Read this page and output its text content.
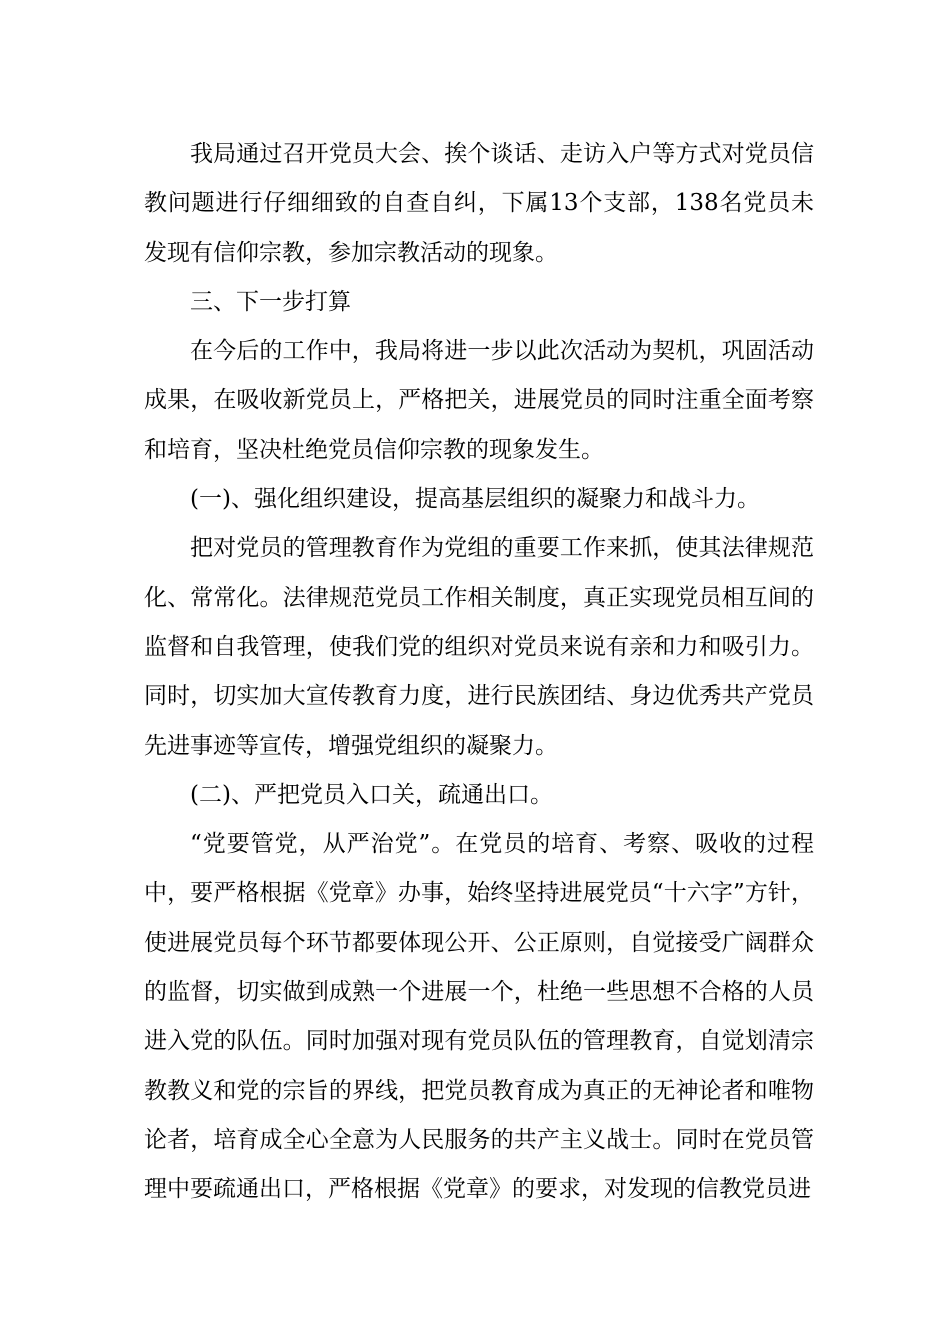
我局通过召开党员大会、挨个谈话、走访入户等方式对党员信教问题进行仔细细致的自查自纠，下属13个支部，138名党员未发现有信仰宗教，参加宗教活动的现象。

三、下一步打算

在今后的工作中，我局将进一步以此次活动为契机，巩固活动成果，在吸收新党员上，严格把关，进展党员的同时注重全面考察和培育，坚决杜绝党员信仰宗教的现象发生。

(一)、强化组织建设，提高基层组织的凝聚力和战斗力。

把对党员的管理教育作为党组的重要工作来抓，使其法律规范化、常常化。法律规范党员工作相关制度，真正实现党员相互间的监督和自我管理，使我们党的组织对党员来说有亲和力和吸引力。同时，切实加大宣传教育力度，进行民族团结、身边优秀共产党员先进事迹等宣传，增强党组织的凝聚力。

(二)、严把党员入口关，疏通出口。

“党要管党，从严治党”。在党员的培育、考察、吸收的过程中，要严格根据《党章》办事，始终坚持进展党员“十六字”方针，使进展党员每个环节都要体现公开、公正原则，自觉接受广阔群众的监督，切实做到成熟一个进展一个，杜绝一些思想不合格的人员进入党的队伍。同时加强对现有党员队伍的管理教育，自觉划清宗教教义和党的宗旨的界线，把党员教育成为真正的无神论者和唯物论者，培育成全心全意为人民服务的共产主义战士。同时在党员管理中要疏通出口，严格根据《党章》的要求，对发现的信教党员进
